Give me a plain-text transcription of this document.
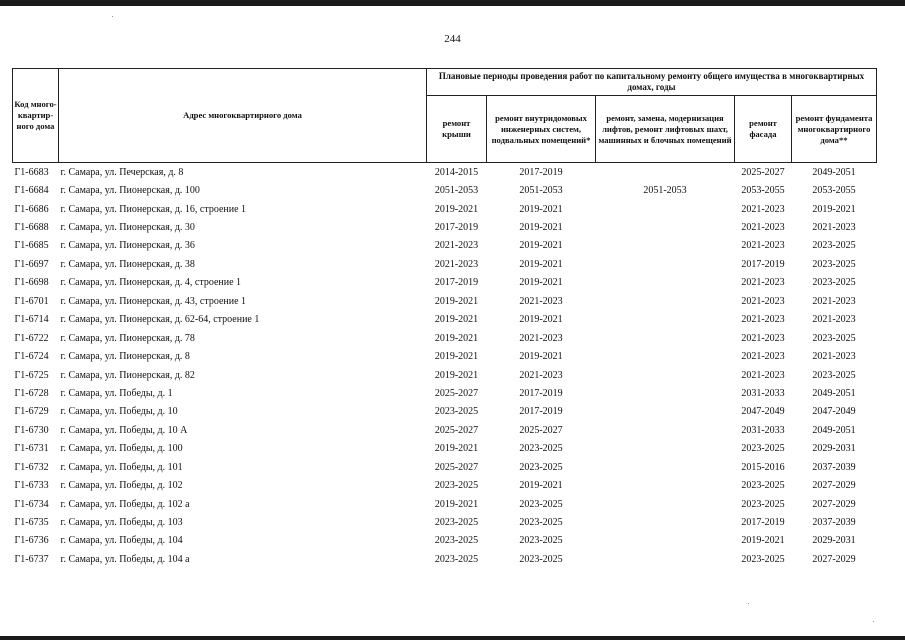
244
Код много-квартир-ного дома	Адрес многоквартирного дома	Плановые периоды проведения работ по капитальному ремонту общего имущества в многоквартирных домах, годы				
		ремонт крыши	ремонт внутридомовых инженерных систем, подвальных помещений*	ремонт, замена, модернизация лифтов, ремонт лифтовых шахт, машинных и блочных помещений	ремонт фасада	ремонт фундамента многоквартирного дома**
Г1-6683	г. Самара, ул. Печерская, д. 8	2014-2015	2017-2019		2025-2027	2049-2051
Г1-6684	г. Самара, ул. Пионерская, д. 100	2051-2053	2051-2053	2051-2053	2053-2055	2053-2055
Г1-6686	г. Самара, ул. Пионерская, д. 16, строение 1	2019-2021	2019-2021		2021-2023	2019-2021
Г1-6688	г. Самара, ул. Пионерская, д. 30	2017-2019	2019-2021		2021-2023	2021-2023
Г1-6685	г. Самара, ул. Пионерская, д. 36	2021-2023	2019-2021		2021-2023	2023-2025
Г1-6697	г. Самара, ул. Пионерская, д. 38	2021-2023	2019-2021		2017-2019	2023-2025
Г1-6698	г. Самара, ул. Пионерская, д. 4, строение 1	2017-2019	2019-2021		2021-2023	2023-2025
Г1-6701	г. Самара, ул. Пионерская, д. 43, строение 1	2019-2021	2021-2023		2021-2023	2021-2023
Г1-6714	г. Самара, ул. Пионерская, д. 62-64, строение 1	2019-2021	2019-2021		2021-2023	2021-2023
Г1-6722	г. Самара, ул. Пионерская, д. 78	2019-2021	2021-2023		2021-2023	2023-2025
Г1-6724	г. Самара, ул. Пионерская, д. 8	2019-2021	2019-2021		2021-2023	2021-2023
Г1-6725	г. Самара, ул. Пионерская, д. 82	2019-2021	2021-2023		2021-2023	2023-2025
Г1-6728	г. Самара, ул. Победы, д. 1	2025-2027	2017-2019		2031-2033	2049-2051
Г1-6729	г. Самара, ул. Победы, д. 10	2023-2025	2017-2019		2047-2049	2047-2049
Г1-6730	г. Самара, ул. Победы, д. 10 А	2025-2027	2025-2027		2031-2033	2049-2051
Г1-6731	г. Самара, ул. Победы, д. 100	2019-2021	2023-2025		2023-2025	2029-2031
Г1-6732	г. Самара, ул. Победы, д. 101	2025-2027	2023-2025		2015-2016	2037-2039
Г1-6733	г. Самара, ул. Победы, д. 102	2023-2025	2019-2021		2023-2025	2027-2029
Г1-6734	г. Самара, ул. Победы, д. 102 а	2019-2021	2023-2025		2023-2025	2027-2029
Г1-6735	г. Самара, ул. Победы, д. 103	2023-2025	2023-2025		2017-2019	2037-2039
Г1-6736	г. Самара, ул. Победы, д. 104	2023-2025	2023-2025		2019-2021	2029-2031
Г1-6737	г. Самара, ул. Победы, д. 104 а	2023-2025	2023-2025		2023-2025	2027-2029
